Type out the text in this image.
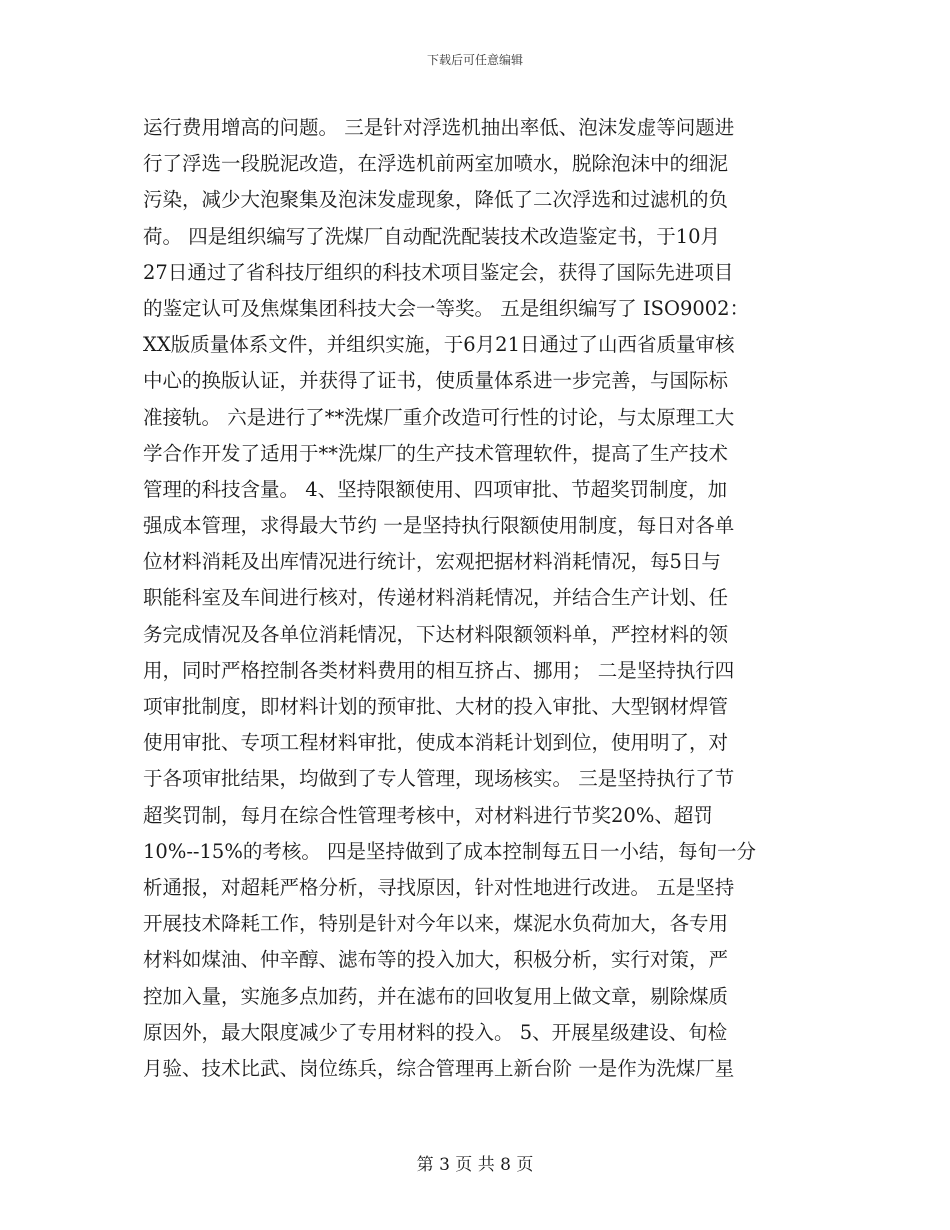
下载后可任意编辑
运行费用增高的问题。 三是针对浮选机抽出率低、泡沫发虚等问题进
行了浮选一段脱泥改造，在浮选机前两室加喷水，脱除泡沫中的细泥
污染，减少大泡聚集及泡沫发虚现象，降低了二次浮选和过滤机的负
荷。 四是组织编写了洗煤厂自动配洗配装技术改造鉴定书，于10月
27日通过了省科技厅组织的科技术项目鉴定会，获得了国际先进项目
的鉴定认可及焦煤集团科技大会一等奖。 五是组织编写了 ISO9002：
XX版质量体系文件，并组织实施，于6月21日通过了山西省质量审核
中心的换版认证，并获得了证书，使质量体系进一步完善，与国际标
准接轨。 六是进行了**洗煤厂重介改造可行性的讨论，与太原理工大
学合作开发了适用于**洗煤厂的生产技术管理软件，提高了生产技术
管理的科技含量。 4、坚持限额使用、四项审批、节超奖罚制度，加
强成本管理，求得最大节约 一是坚持执行限额使用制度，每日对各单
位材料消耗及出库情况进行统计，宏观把据材料消耗情况，每5日与
职能科室及车间进行核对，传递材料消耗情况，并结合生产计划、任
务完成情况及各单位消耗情况，下达材料限额领料单，严控材料的领
用，同时严格控制各类材料费用的相互挤占、挪用； 二是坚持执行四
项审批制度，即材料计划的预审批、大材的投入审批、大型钢材焊管
使用审批、专项工程材料审批，使成本消耗计划到位，使用明了，对
于各项审批结果，均做到了专人管理，现场核实。 三是坚持执行了节
超奖罚制，每月在综合性管理考核中，对材料进行节奖20%、超罚
10%--15%的考核。 四是坚持做到了成本控制每五日一小结，每旬一分
析通报，对超耗严格分析，寻找原因，针对性地进行改进。 五是坚持
开展技术降耗工作，特别是针对今年以来，煤泥水负荷加大，各专用
材料如煤油、仲辛醇、滤布等的投入加大，积极分析，实行对策，严
控加入量，实施多点加药，并在滤布的回收复用上做文章，剔除煤质
原因外，最大限度减少了专用材料的投入。 5、开展星级建设、旬检
月验、技术比武、岗位练兵，综合管理再上新台阶 一是作为洗煤厂星
第 3 页 共 8 页
